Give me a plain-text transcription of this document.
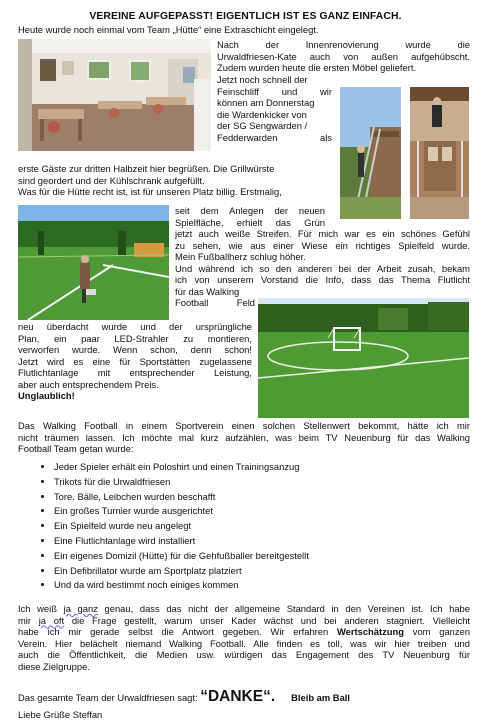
VEREINE AUFGEPASST! EIGENTLICH IST ES GANZ EINFACH.
Heute wurde noch einmal vom Team „Hütte“ eine Extraschicht eingelegt.

Nach der Innenrenovierung wurde die

Urwaldfriesen-Kate auch von außen aufgehübscht.

Zudem wurden heute die ersten Möbel geliefert.

Jetzt noch schnell der

Feinschliff und wir

können am Donnerstag

die Wardenkicker von

der SG Sengwarden /

Fedderwarden als

erste Gäste zur dritten Halbzeit hier begrüßen. Die Grillwürste

sind geordert und der Kühlschrank aufgefüllt.

Was für die Hütte recht ist, ist für unseren Platz billig. Erstmalig,

seit dem Anlegen der neuen

Spielfläche, erhielt das Grün

jetzt auch weiße Streifen. Für mich war es ein schönes Gefühl

zu sehen, wie aus einer Wiese ein richtiges Spielfeld wurde.

Mein Fußballherz schlug höher.

Und während ich so den anderen bei der Arbeit zusah, bekam

ich von unserem Vorstand die Info, dass das Thema Flutlicht

für das Walking

Football Feld

neu überdacht wurde und der ursprüngliche

Plan, ein paar LED-Strahler zu montieren,

verworfen wurde. Wenn schon, denn schon!

Jetzt wird es eine für Sportstätten zugelassene

Flutlichtanlage mit entsprechender Leistung,

aber auch entsprechendem Preis.

Unglaublich!

Das Walking Football in einem Sportverein einen solchen Stellenwert bekommt, hätte ich mir

nicht träumen lassen. Ich möchte mal kurz aufzählen, was beim TV Neuenburg für das Walking

Football Team getan wurde:

• Jeder Spieler erhält ein Poloshirt und einen Trainingsanzug
• Trikots für die Urwaldfriesen
• Tore. Bälle, Leibchen wurden beschafft
• Ein großes Turnier wurde ausgerichtet
• Ein Spielfeld wurde neu angelegt
• Eine Flutlichtanlage wird installiert
• Ein eigenes Domizil (Hütte) für die Gehfußballer bereitgestellt
• Ein Defibrillator wurde am Sportplatz platziert
• Und da wird bestimmt noch einiges kommen

Ich weiß ja ganz genau, dass das nicht der allgemeine Standard in den Vereinen ist. Ich habe

mir ja oft die Frage gestellt, warum unser Kader wächst und bei anderen stagniert. Vielleicht

habe ich mir gerade selbst die Antwort gegeben. Wir erfahren Wertschätzung vom ganzen

Verein. Hier belächelt niemand Walking Football. Alle finden es toll, was wir hier treiben und

auch die Öffentlichkeit, die Medien usw. würdigen das Engagement des TV Neuenburg für

diese Zielgruppe.

Das gesamte Team der Urwaldfriesen sagt: “DANKE“. Bleib am Ball
Liebe Grüße Steffan
